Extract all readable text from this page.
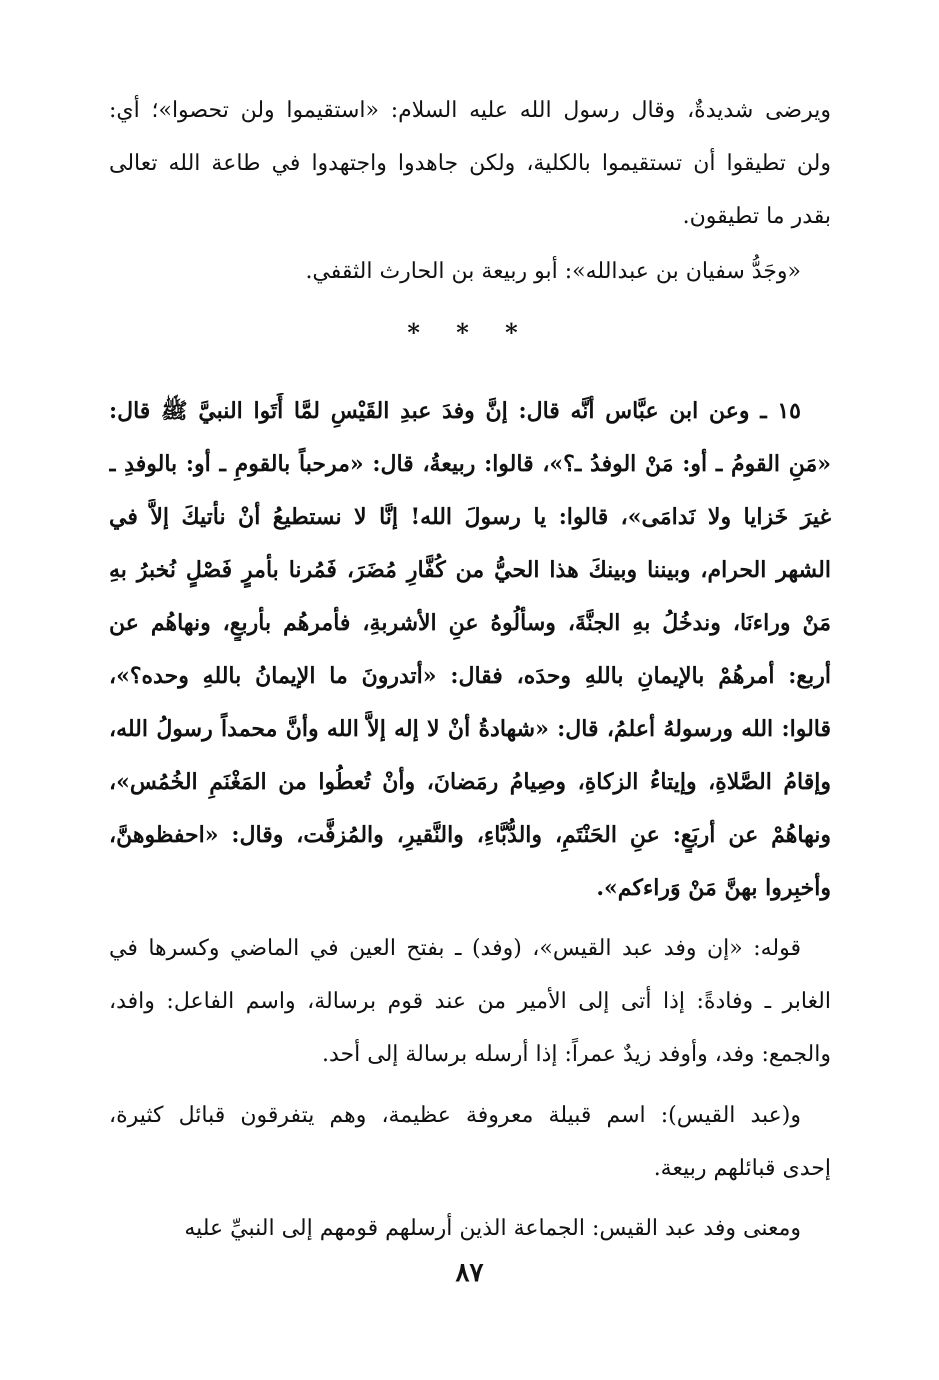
ويرضى شديدةٌ، وقال رسول الله عليه السلام: «استقيموا ولن تحصوا»؛ أي:
ولن تطيقوا أن تستقيموا بالكلية، ولكن جاهدوا واجتهدوا في طاعة الله تعالى
بقدر ما تطيقون.
«وجَدُّ سفيان بن عبدالله»: أبو ربيعة بن الحارث الثقفي.
* * *
١٥ ـ وعن ابن عبَّاس أنَّه قال: إنَّ وفدَ عبدِ القَيْسِ لمَّا أَتَوا النبيَّ ﷺ قال:
«مَنِ القومُ ـ أو: مَنْ الوفدُ ـ؟»، قالوا: ربيعةُ، قال: «مرحباً بالقومِ ـ أو: بالوفدِ ـ
غيرَ خَزايا ولا نَدامَى»، قالوا: يا رسولَ الله! إنَّا لا نستطيعُ أنْ نأتيكَ إلاَّ في
الشهر الحرام، وبيننا وبينكَ هذا الحيُّ من كُفَّارِ مُضَرَ، فَمُرنا بأمرٍ فَصْلٍ نُخبرُ بهِ
مَنْ وراءنَا، وندخُلُ بهِ الجنَّةَ، وسألُوهُ عنِ الأشربةِ، فأمرهُم بأربعٍ، ونهاهُم عن
أربع: أمرهُمْ بالإيمانِ باللهِ وحدَه، فقال: «أتدرونَ ما الإيمانُ باللهِ وحده؟»،
قالوا: الله ورسولهُ أعلمُ، قال: «شهادةُ أنْ لا إله إلاَّ الله وأنَّ محمداً رسولُ الله،
وإقامُ الصَّلاةِ، وإيتاءُ الزكاةِ، وصِيامُ رمَضانَ، وأنْ تُعطُوا من المَغْنَمِ الخُمُس»،
ونهاهُمْ عن أربَعٍ: عنِ الحَنْتَمِ، والدُّبَّاءِ، والنَّقيرِ، والمُزفَّت، وقال: «احفظوهنَّ،
وأخبِروا بهنَّ مَنْ وَراءكم».
قوله: «إن وفد عبد القيس»، (وفد) ـ بفتح العين في الماضي وكسرها في
الغابر ـ وفادةً: إذا أتى إلى الأمير من عند قوم برسالة، واسم الفاعل: وافد،
والجمع: وفد، وأوفد زيدٌ عمراً: إذا أرسله برسالة إلى أحد.
و(عبد القيس): اسم قبيلة معروفة عظيمة، وهم يتفرقون قبائل كثيرة،
إحدى قبائلهم ربيعة.
ومعنى وفد عبد القيس: الجماعة الذين أرسلهم قومهم إلى النبيِّ عليه
٨٧
